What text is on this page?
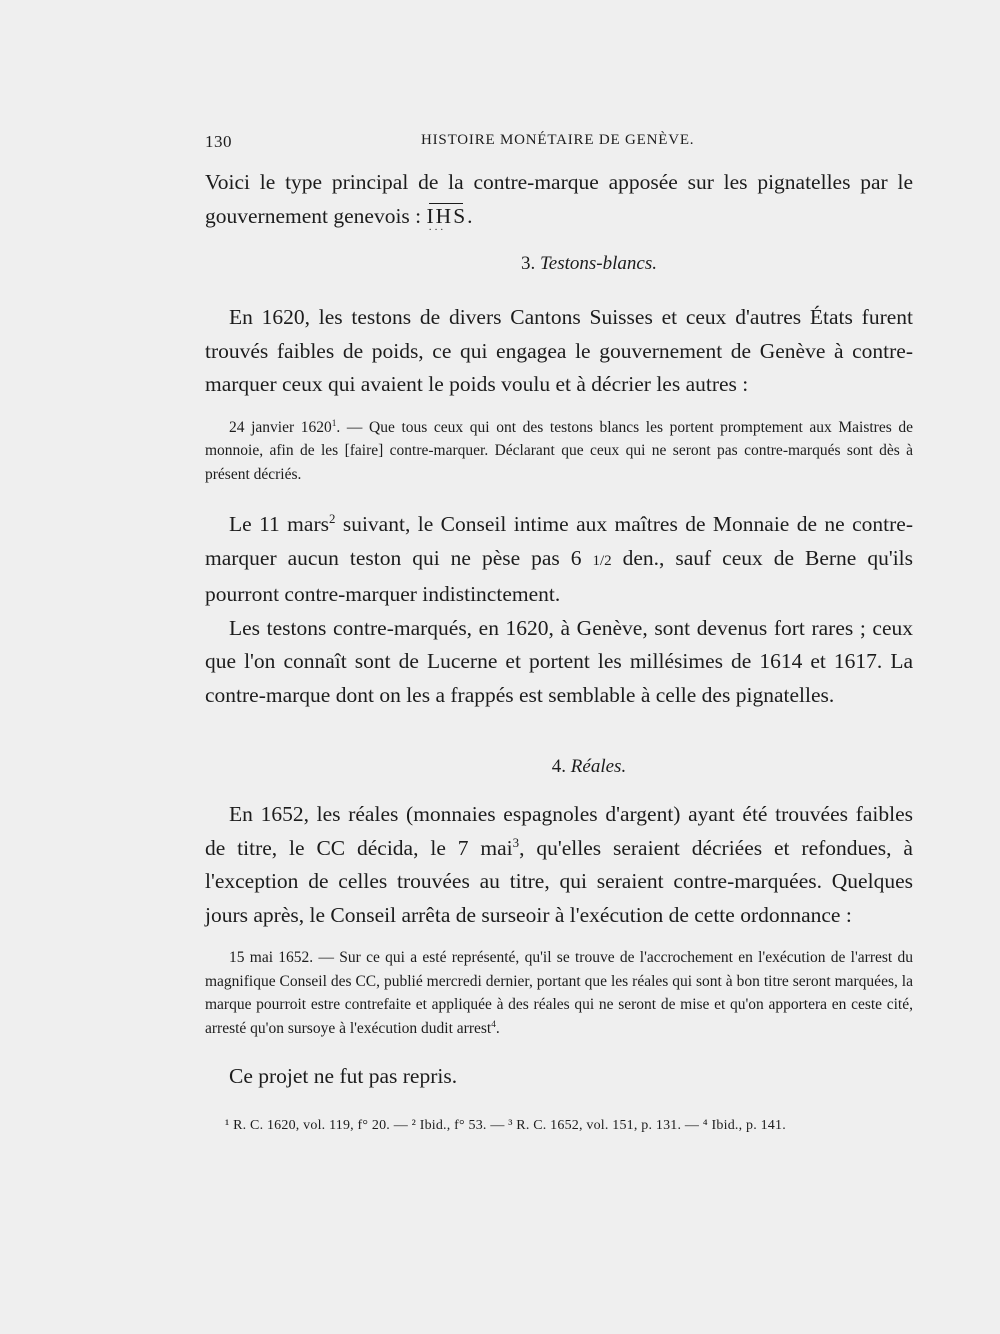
130	HISTOIRE MONÉTAIRE DE GENÈVE.

Voici le type principal de la contre-marque apposée sur les pignatelles par le gouvernement genevois : IHS · · ·.

3. Testons-blancs.

En 1620, les testons de divers Cantons Suisses et ceux d'autres États furent trouvés faibles de poids, ce qui engagea le gouvernement de Genève à contre-marquer ceux qui avaient le poids voulu et à décrier les autres :

24 janvier 1620$^1$. — Que tous ceux qui ont des testons blancs les portent promptement aux Maistres de monnoie, afin de les [faire] contre-marquer. Déclarant que ceux qui ne seront pas contre-marqués sont dès à présent décriés.

Le 11 mars$^2$ suivant, le Conseil intime aux maîtres de Monnaie de ne contre-marquer aucun teston qui ne pèse pas 6 1/2 den., sauf ceux de Berne qu'ils pourront contre-marquer indistinctement.

Les testons contre-marqués, en 1620, à Genève, sont devenus fort rares ; ceux que l'on connaît sont de Lucerne et portent les millésimes de 1614 et 1617. La contre-marque dont on les a frappés est semblable à celle des pignatelles.

4. Réales.

En 1652, les réales (monnaies espagnoles d'argent) ayant été trouvées faibles de titre, le CC décida, le 7 mai$^3$, qu'elles seraient décriées et refondues, à l'exception de celles trouvées au titre, qui seraient contre-marquées. Quelques jours après, le Conseil arrêta de surseoir à l'exécution de cette ordonnance :

15 mai 1652. — Sur ce qui a esté représenté, qu'il se trouve de l'accrochement en l'exécution de l'arrest du magnifique Conseil des CC, publié mercredi dernier, portant que les réales qui sont à bon titre seront marquées, la marque pourroit estre contrefaite et appliquée à des réales qui ne seront de mise et qu'on apportera en ceste cité, arresté qu'on sursoye à l'exécution dudit arrest$^4$.

Ce projet ne fut pas repris.

¹ R. C. 1620, vol. 119, f° 20. — ² Ibid., f° 53. — ³ R. C. 1652, vol. 151, p. 131. — ⁴ Ibid., p. 141.
